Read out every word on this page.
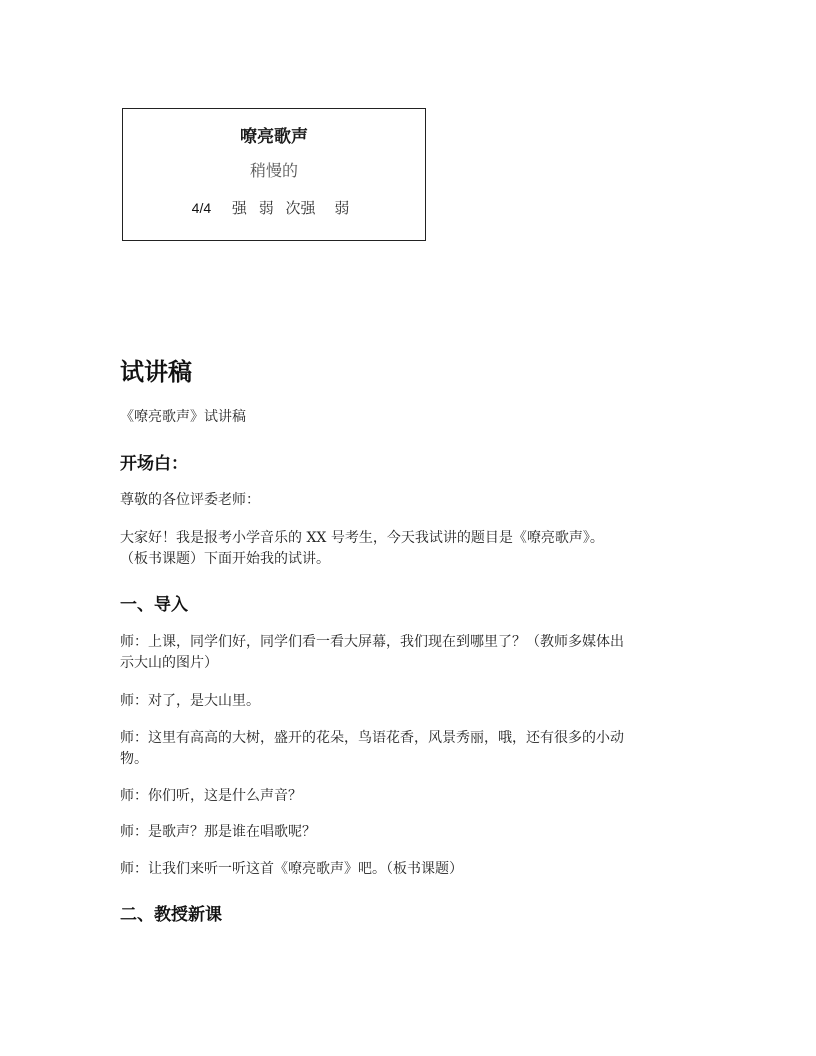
嘹亮歌声
稍慢的
4/4 强 弱 次强 弱
试讲稿
《嘹亮歌声》试讲稿
开场白：
尊敬的各位评委老师：
大家好！我是报考小学音乐的 XX 号考生，今天我试讲的题目是《嘹亮歌声》。
（板书课题）下面开始我的试讲。
一、导入
师：上课，同学们好，同学们看一看大屏幕，我们现在到哪里了？（教师多媒体出
示大山的图片）
师：对了，是大山里。
师：这里有高高的大树，盛开的花朵，鸟语花香，风景秀丽，哦，还有很多的小动
物。
师：你们听，这是什么声音？
师：是歌声？那是谁在唱歌呢？
师：让我们来听一听这首《嘹亮歌声》吧。（板书课题）
二、教授新课
